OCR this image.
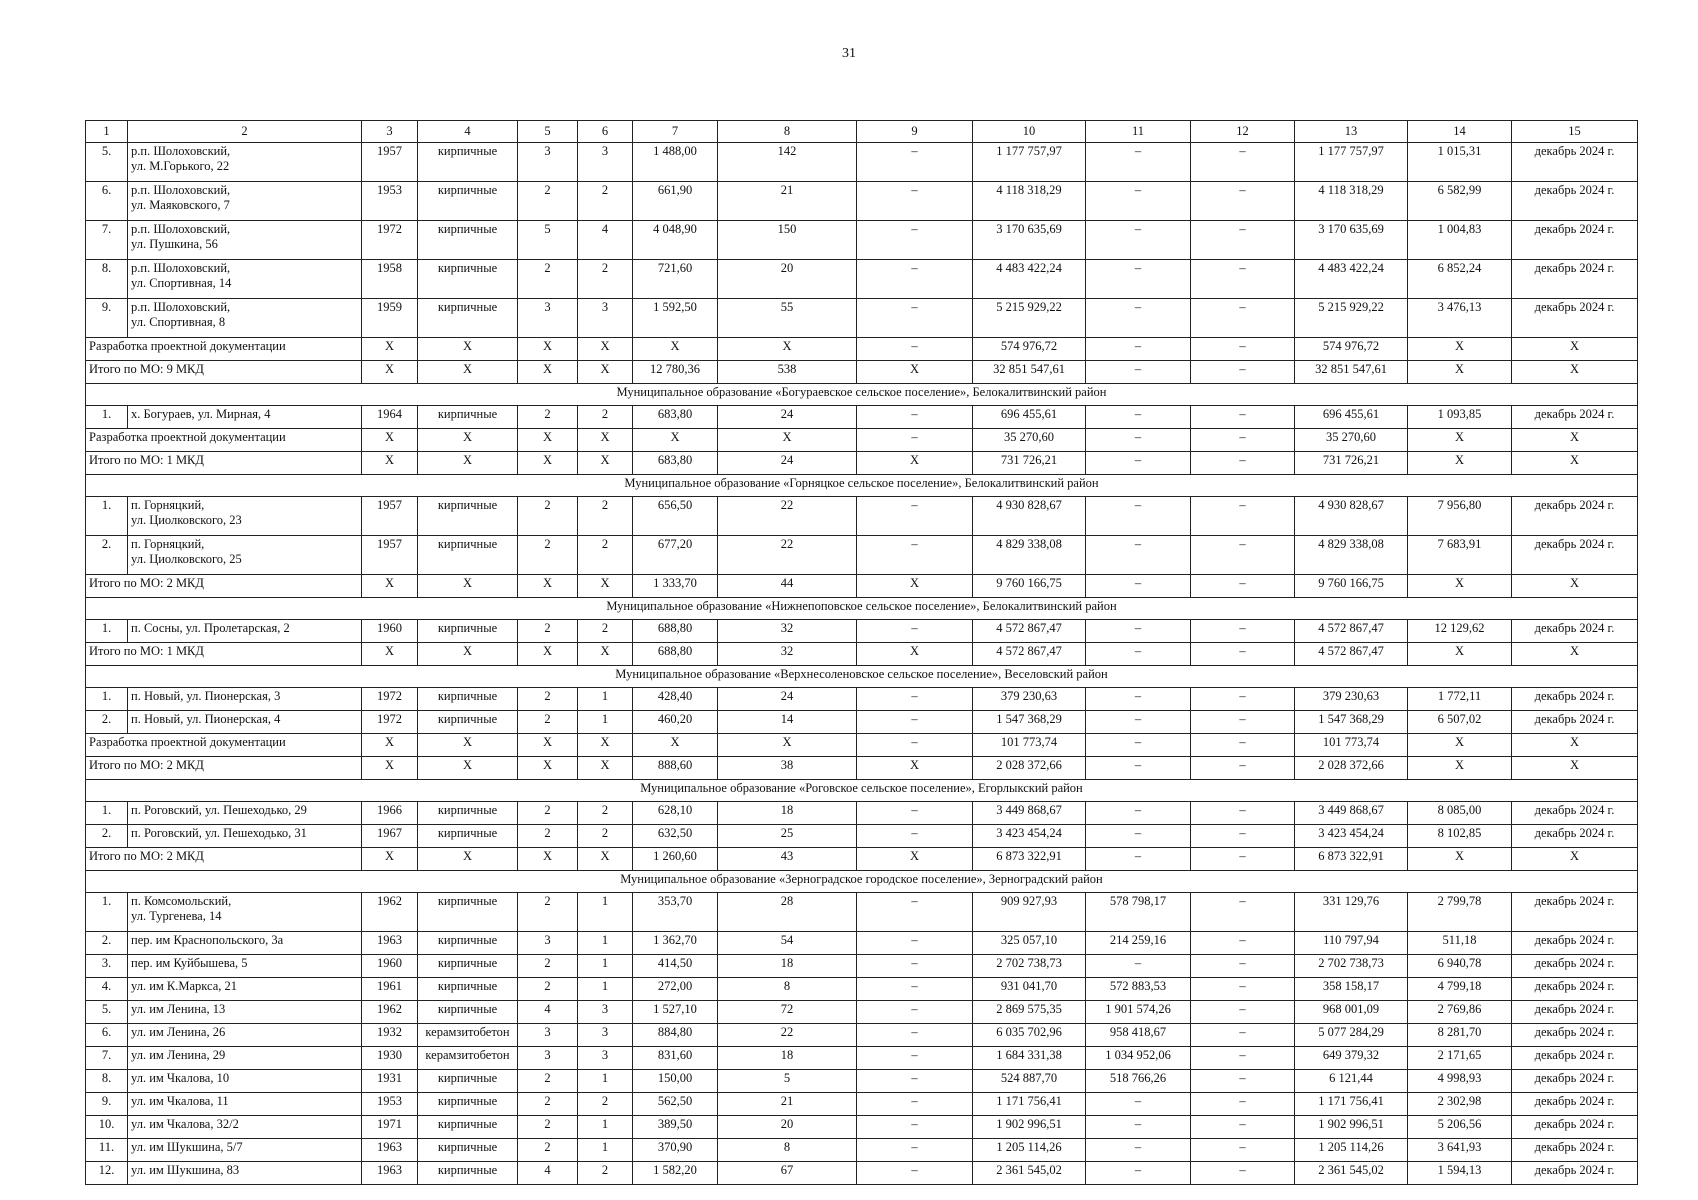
31
1	2	3	4	5	6	7	8	9	10	11	12	13	14	15
5.	р.п. Шолоховский,
ул. М.Горького, 22	1957	кирпичные	3	3	1 488,00	142	–	1 177 757,97	–	–	1 177 757,97	1 015,31	декабрь 2024 г.
6.	р.п. Шолоховский,
ул. Маяковского, 7	1953	кирпичные	2	2	661,90	21	–	4 118 318,29	–	–	4 118 318,29	6 582,99	декабрь 2024 г.
7.	р.п. Шолоховский,
ул. Пушкина, 56	1972	кирпичные	5	4	4 048,90	150	–	3 170 635,69	–	–	3 170 635,69	1 004,83	декабрь 2024 г.
8.	р.п. Шолоховский,
ул. Спортивная, 14	1958	кирпичные	2	2	721,60	20	–	4 483 422,24	–	–	4 483 422,24	6 852,24	декабрь 2024 г.
9.	р.п. Шолоховский,
ул. Спортивная, 8	1959	кирпичные	3	3	1 592,50	55	–	5 215 929,22	–	–	5 215 929,22	3 476,13	декабрь 2024 г.
Разработка проектной документации		X	X	X	X	X	X	–	574 976,72	–	–	574 976,72	X	X
Итого по МО: 9 МКД		X	X	X	X	12 780,36	538	X	32 851 547,61	–	–	32 851 547,61	X	X
Муниципальное образование «Богураевское сельское поселение», Белокалитвинский район														
1.	х. Богураев, ул. Мирная, 4	1964	кирпичные	2	2	683,80	24	–	696 455,61	–	–	696 455,61	1 093,85	декабрь 2024 г.
Разработка проектной документации		X	X	X	X	X	X	–	35 270,60	–	–	35 270,60	X	X
Итого по МО: 1 МКД		X	X	X	X	683,80	24	X	731 726,21	–	–	731 726,21	X	X
Муниципальное образование «Горняцкое сельское поселение», Белокалитвинский район														
1.	п. Горняцкий,
ул. Циолковского, 23	1957	кирпичные	2	2	656,50	22	–	4 930 828,67	–	–	4 930 828,67	7 956,80	декабрь 2024 г.
2.	п. Горняцкий,
ул. Циолковского, 25	1957	кирпичные	2	2	677,20	22	–	4 829 338,08	–	–	4 829 338,08	7 683,91	декабрь 2024 г.
Итого по МО: 2 МКД		X	X	X	X	1 333,70	44	X	9 760 166,75	–	–	9 760 166,75	X	X
Муниципальное образование «Нижнепоповское сельское поселение», Белокалитвинский район														
1.	п. Сосны, ул. Пролетарская, 2	1960	кирпичные	2	2	688,80	32	–	4 572 867,47	–	–	4 572 867,47	12 129,62	декабрь 2024 г.
Итого по МО: 1 МКД		X	X	X	X	688,80	32	X	4 572 867,47	–	–	4 572 867,47	X	X
Муниципальное образование «Верхнесоленовское сельское поселение», Веселовский район														
1.	п. Новый, ул. Пионерская, 3	1972	кирпичные	2	1	428,40	24	–	379 230,63	–	–	379 230,63	1 772,11	декабрь 2024 г.
2.	п. Новый, ул. Пионерская, 4	1972	кирпичные	2	1	460,20	14	–	1 547 368,29	–	–	1 547 368,29	6 507,02	декабрь 2024 г.
Разработка проектной документации		X	X	X	X	X	X	–	101 773,74	–	–	101 773,74	X	X
Итого по МО: 2 МКД		X	X	X	X	888,60	38	X	2 028 372,66	–	–	2 028 372,66	X	X
Муниципальное образование «Роговское сельское поселение», Егорлыкский район														
1.	п. Роговский, ул. Пешеходько, 29	1966	кирпичные	2	2	628,10	18	–	3 449 868,67	–	–	3 449 868,67	8 085,00	декабрь 2024 г.
2.	п. Роговский, ул. Пешеходько, 31	1967	кирпичные	2	2	632,50	25	–	3 423 454,24	–	–	3 423 454,24	8 102,85	декабрь 2024 г.
Итого по МО: 2 МКД		X	X	X	X	1 260,60	43	X	6 873 322,91	–	–	6 873 322,91	X	X
Муниципальное образование «Зерноградское городское поселение», Зерноградский район														
1.	п. Комсомольский,
ул. Тургенева, 14	1962	кирпичные	2	1	353,70	28	–	909 927,93	578 798,17	–	331 129,76	2 799,78	декабрь 2024 г.
2.	пер. им Краснопольского, 3а	1963	кирпичные	3	1	1 362,70	54	–	325 057,10	214 259,16	–	110 797,94	511,18	декабрь 2024 г.
3.	пер. им Куйбышева, 5	1960	кирпичные	2	1	414,50	18	–	2 702 738,73	–	–	2 702 738,73	6 940,78	декабрь 2024 г.
4.	ул. им К.Маркса, 21	1961	кирпичные	2	1	272,00	8	–	931 041,70	572 883,53	–	358 158,17	4 799,18	декабрь 2024 г.
5.	ул. им Ленина, 13	1962	кирпичные	4	3	1 527,10	72	–	2 869 575,35	1 901 574,26	–	968 001,09	2 769,86	декабрь 2024 г.
6.	ул. им Ленина, 26	1932	керамзитобетон	3	3	884,80	22	–	6 035 702,96	958 418,67	–	5 077 284,29	8 281,70	декабрь 2024 г.
7.	ул. им Ленина, 29	1930	керамзитобетон	3	3	831,60	18	–	1 684 331,38	1 034 952,06	–	649 379,32	2 171,65	декабрь 2024 г.
8.	ул. им Чкалова, 10	1931	кирпичные	2	1	150,00	5	–	524 887,70	518 766,26	–	6 121,44	4 998,93	декабрь 2024 г.
9.	ул. им Чкалова, 11	1953	кирпичные	2	2	562,50	21	–	1 171 756,41	–	–	1 171 756,41	2 302,98	декабрь 2024 г.
10.	ул. им Чкалова, 32/2	1971	кирпичные	2	1	389,50	20	–	1 902 996,51	–	–	1 902 996,51	5 206,56	декабрь 2024 г.
11.	ул. им Шукшина, 5/7	1963	кирпичные	2	1	370,90	8	–	1 205 114,26	–	–	1 205 114,26	3 641,93	декабрь 2024 г.
12.	ул. им Шукшина, 83	1963	кирпичные	4	2	1 582,20	67	–	2 361 545,02	–	–	2 361 545,02	1 594,13	декабрь 2024 г.
